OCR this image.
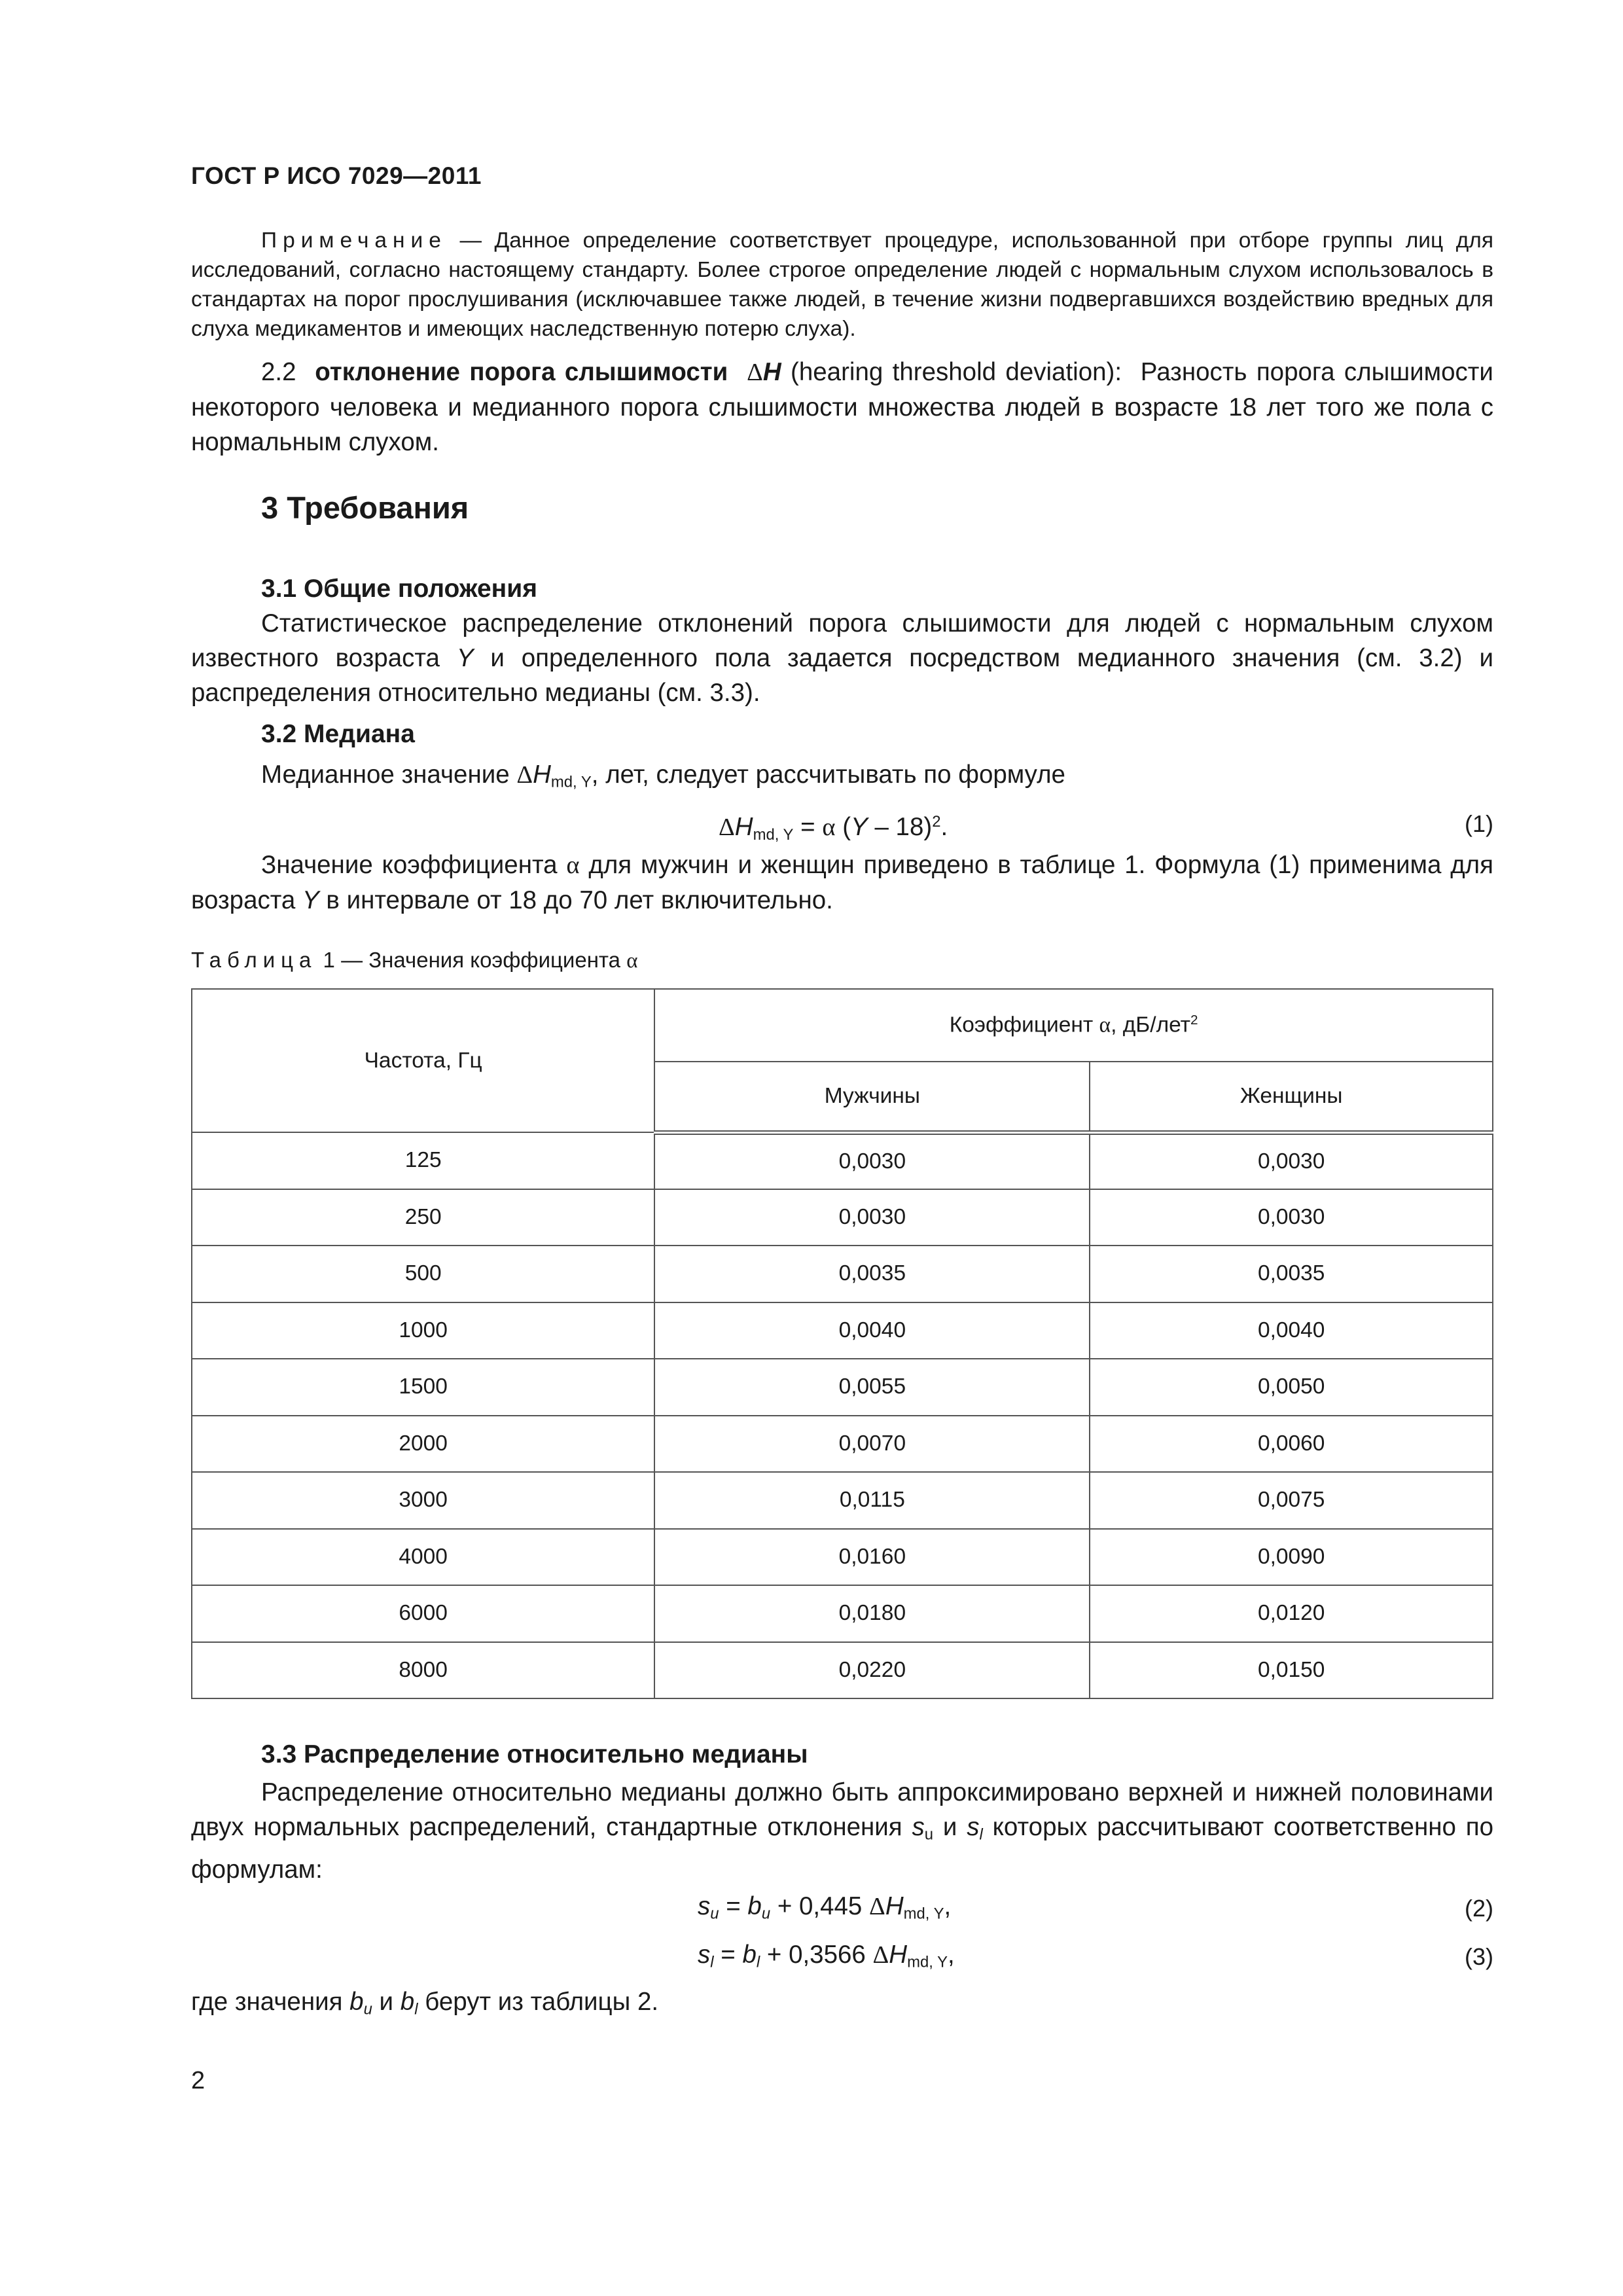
ГОСТ Р ИСО 7029—2011

Примечание — Данное определение соответствует процедуре, использованной при отборе группы лиц для исследований, согласно настоящему стандарту. Более строгое определение людей с нормальным слухом использовалось в стандартах на порог прослушивания (исключавшее также людей, в течение жизни подвергавшихся воздействию вредных для слуха медикаментов и имеющих наследственную потерю слуха).

2.2 отклонение порога слышимости ΔH (hearing threshold deviation): Разность порога слышимости некоторого человека и медианного порога слышимости множества людей в возрасте 18 лет того же пола с нормальным слухом.

3 Требования
3.1 Общие положения

Статистическое распределение отклонений порога слышимости для людей с нормальным слухом известного возраста Y и определенного пола задается посредством медианного значения (см. 3.2) и распределения относительно медианы (см. 3.3).

3.2 Медиана

Медианное значение $\Delta H_{md, Y}$, лет, следует рассчитывать по формуле

$\Delta H_{md, Y} = \alpha$ (Y – 18)$^2$.	(1)

Значение коэффициента α для мужчин и женщин приведено в таблице 1. Формула (1) применима для возраста Y в интервале от 18 до 70 лет включительно.

Таблица 1 — Значения коэффициента α
Частота, Гц	Коэффициент α, дБ/лет$^2$
	Мужчины	Женщины
125	0,0030	0,0030
250	0,0030	0,0030
500	0,0035	0,0035
1000	0,0040	0,0040
1500	0,0055	0,0050
2000	0,0070	0,0060
3000	0,0115	0,0075
4000	0,0160	0,0090
6000	0,0180	0,0120
8000	0,0220	0,0150
3.3 Распределение относительно медианы

Распределение относительно медианы должно быть аппроксимировано верхней и нижней половинами двух нормальных распределений, стандартные отклонения $s_u$ и $s_l$ которых рассчитывают соответственно по формулам:

$s_u = b_u + 0,445$ $\Delta H_{md, Y}$,	(2)
$s_l = b_l + 0,3566$ $\Delta H_{md, Y}$,	(3)

где значения $b_u$ и $b_l$ берут из таблицы 2.

2
